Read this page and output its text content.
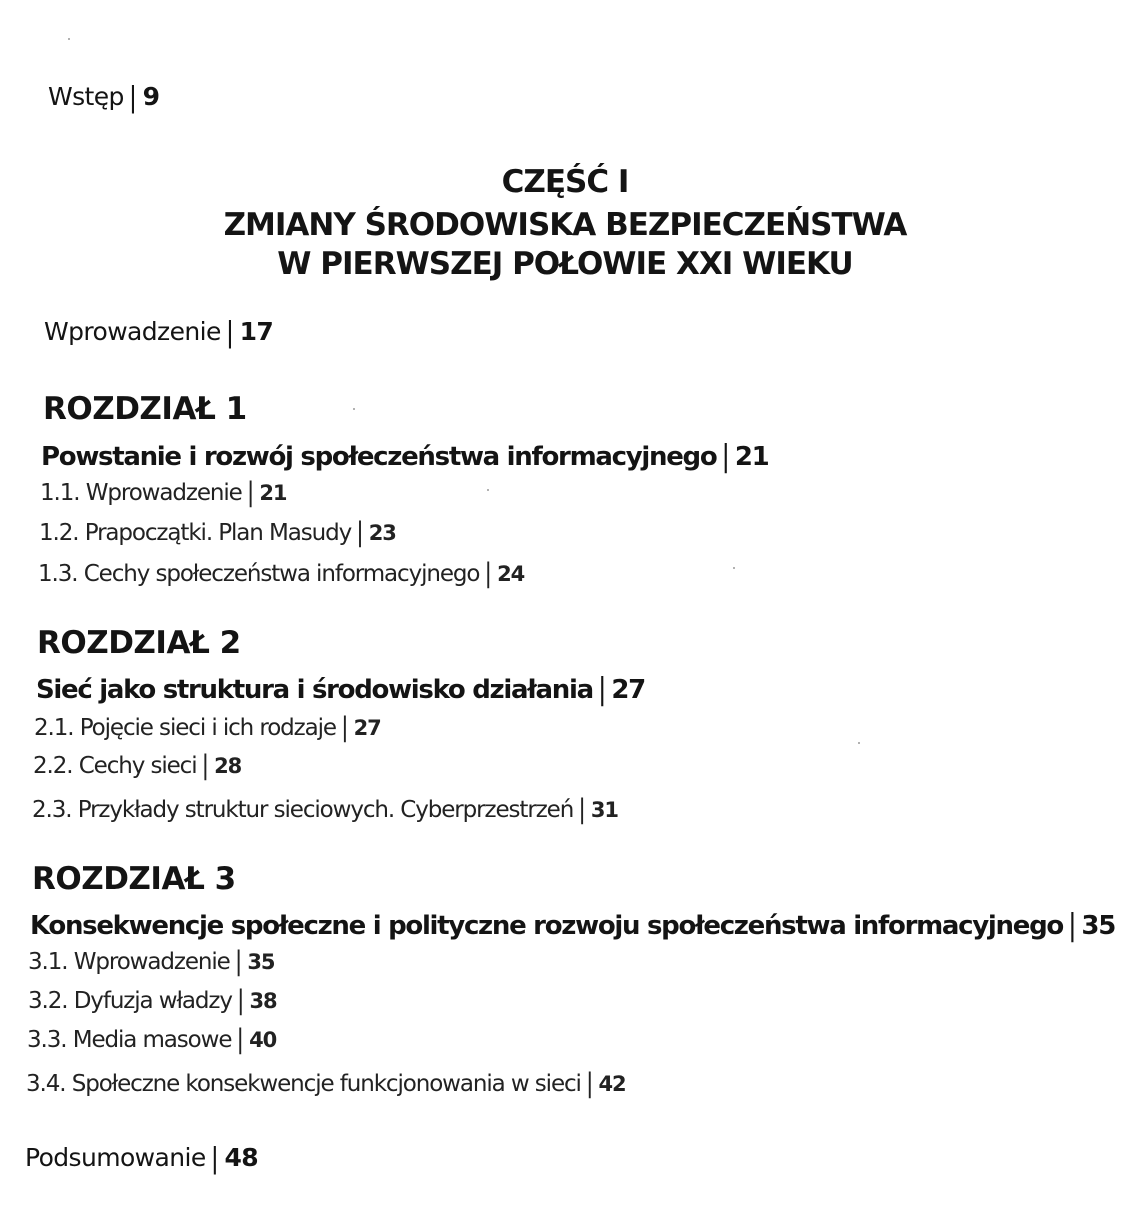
Wstęp | 9
CZĘŚĆ I
ZMIANY ŚRODOWISKA BEZPIECZEŃSTWA
W PIERWSZEJ POŁOWIE XXI WIEKU
Wprowadzenie | 17
ROZDZIAŁ 1
Powstanie i rozwój społeczeństwa informacyjnego | 21
1.1. Wprowadzenie | 21
1.2. Prapoczątki. Plan Masudy | 23
1.3. Cechy społeczeństwa informacyjnego | 24
ROZDZIAŁ 2
Sieć jako struktura i środowisko działania | 27
2.1. Pojęcie sieci i ich rodzaje | 27
2.2. Cechy sieci | 28
2.3. Przykłady struktur sieciowych. Cyberprzestrzeń | 31
ROZDZIAŁ 3
Konsekwencje społeczne i polityczne rozwoju społeczeństwa informacyjnego | 35
3.1. Wprowadzenie | 35
3.2. Dyfuzja władzy | 38
3.3. Media masowe | 40
3.4. Społeczne konsekwencje funkcjonowania w sieci | 42
Podsumowanie | 48
